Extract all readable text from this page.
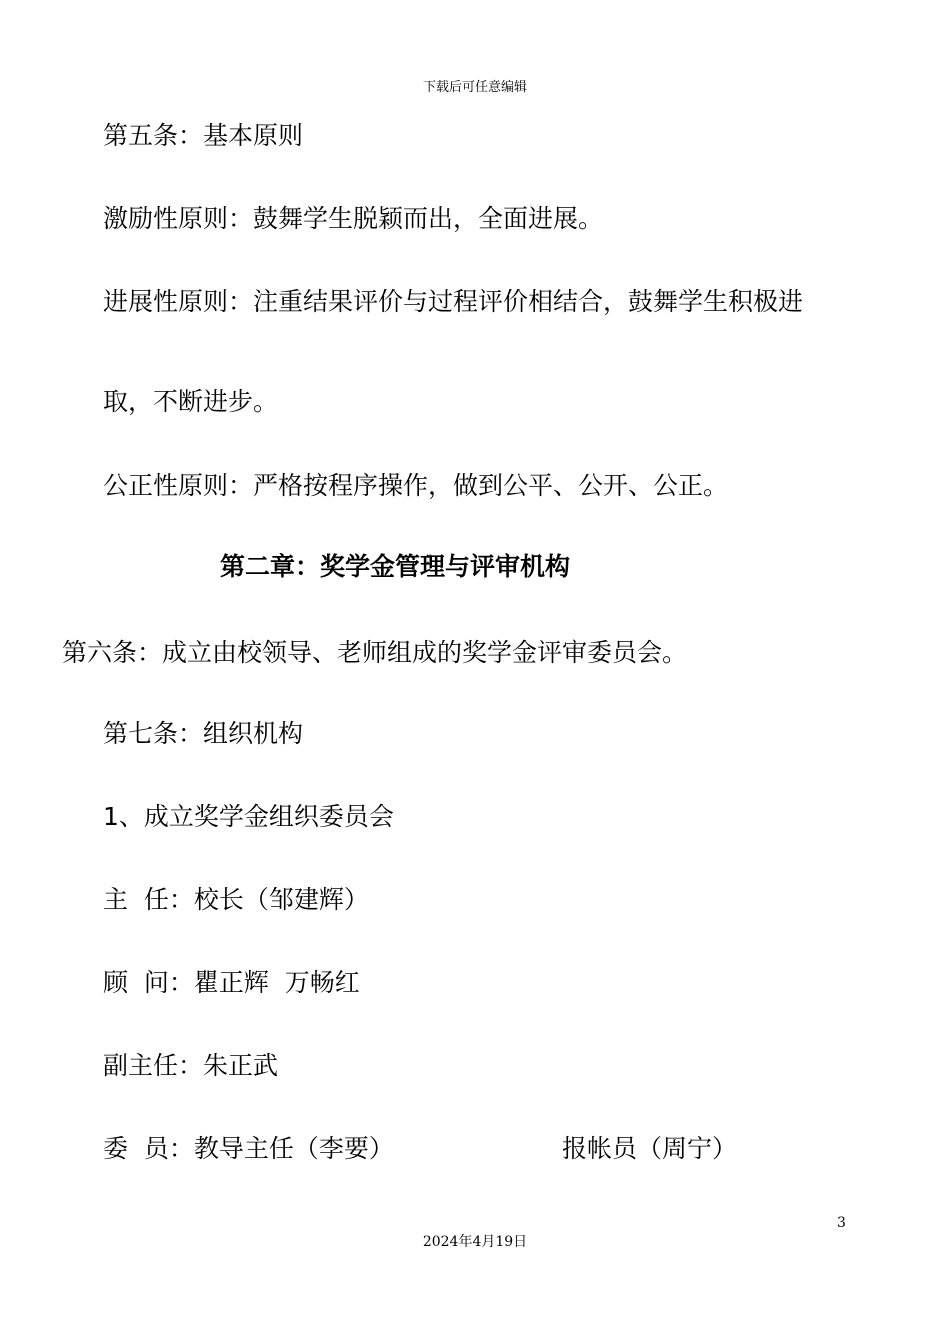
下载后可任意编辑
第五条：基本原则
激励性原则：鼓舞学生脱颖而出，全面进展。
进展性原则：注重结果评价与过程评价相结合，鼓舞学生积极进
取，不断进步。
公正性原则：严格按程序操作，做到公平、公开、公正。
第二章：奖学金管理与评审机构
第六条：成立由校领导、老师组成的奖学金评审委员会。
第七条：组织机构
1、成立奖学金组织委员会
主  任：校长（邹建辉）
顾  问：瞿正辉  万畅红
副主任：朱正武
委  员：教导主任（李要）	报帐员（周宁）
3
2024年4月19日
